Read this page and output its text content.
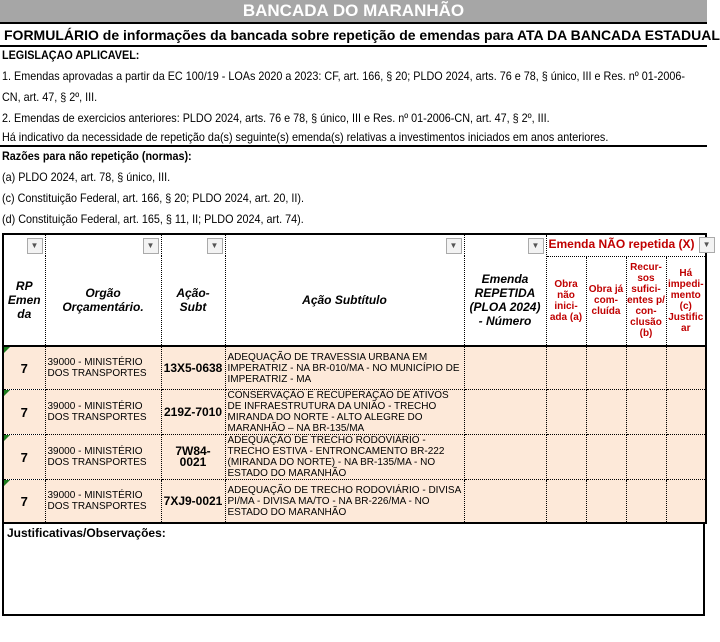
BANCADA DO MARANHÃO
FORMULÁRIO de informações da bancada sobre repetição de emendas para ATA DA BANCADA ESTADUAL
LEGISLAÇAO APLICAVEL:
1. Emendas aprovadas a partir da EC 100/19 - LOAs 2020 a 2023: CF, art. 166, § 20; PLDO 2024, arts. 76 e 78, § único, III e Res. nº 01-2006-
CN, art. 47, § 2º, III.
2. Emendas de exercicios anteriores: PLDO 2024, arts. 76 e 78, § único, III e Res. nº 01-2006-CN, art. 47, § 2º, III.
Há indicativo da necessidade de repetição da(s) seguinte(s) emenda(s) relativas a investimentos iniciados em anos anteriores.
Razões para não repetição (normas):
(a) PLDO 2024, art. 78, § único, III.
(c) Constituição Federal, art. 166, § 20; PLDO 2024, art. 20, II).
(d) Constituição Federal, art. 165, § 11, II; PLDO 2024, art. 74).
▼
RP Emen da	▼
Orgão Orçamentário.	▼
Ação-Subt	▼
Ação Subtítulo	▼
Emenda REPETIDA (PLOA 2024) - Número	Emenda NÃO repetida (X) ▼			
					Obra não inici- ada (a)	Obra já com- cluída	Recur- sos sufici- entes p/ con- clusão (b)	Há impedi- mento (c) Justific ar
7	39000 - MINISTÉRIO DOS TRANSPORTES	13X5-0638	ADEQUAÇÃO DE TRAVESSIA URBANA EM IMPERATRIZ - NA BR-010/MA - NO MUNICÍPIO DE IMPERATRIZ - MA					
7	39000 - MINISTÉRIO DOS TRANSPORTES	219Z-7010	CONSERVAÇÃO E RECUPERAÇÃO DE ATIVOS DE INFRAESTRUTURA DA UNIÃO - TRECHO MIRANDA DO NORTE - ALTO ALEGRE DO MARANHÃO – NA BR-135/MA					
7	39000 - MINISTÉRIO DOS TRANSPORTES	7W84-0021	ADEQUAÇÃO DE TRECHO RODOVIÁRIO - TRECHO ESTIVA - ENTRONCAMENTO BR-222 (MIRANDA DO NORTE) - NA BR-135/MA - NO ESTADO DO MARANHÃO					
7	39000 - MINISTÉRIO DOS TRANSPORTES	7XJ9-0021	ADEQUAÇÃO DE TRECHO RODOVIÁRIO - DIVISA PI/MA - DIVISA MA/TO - NA BR-226/MA - NO ESTADO DO MARANHÃO					
Justificativas/Observações:
